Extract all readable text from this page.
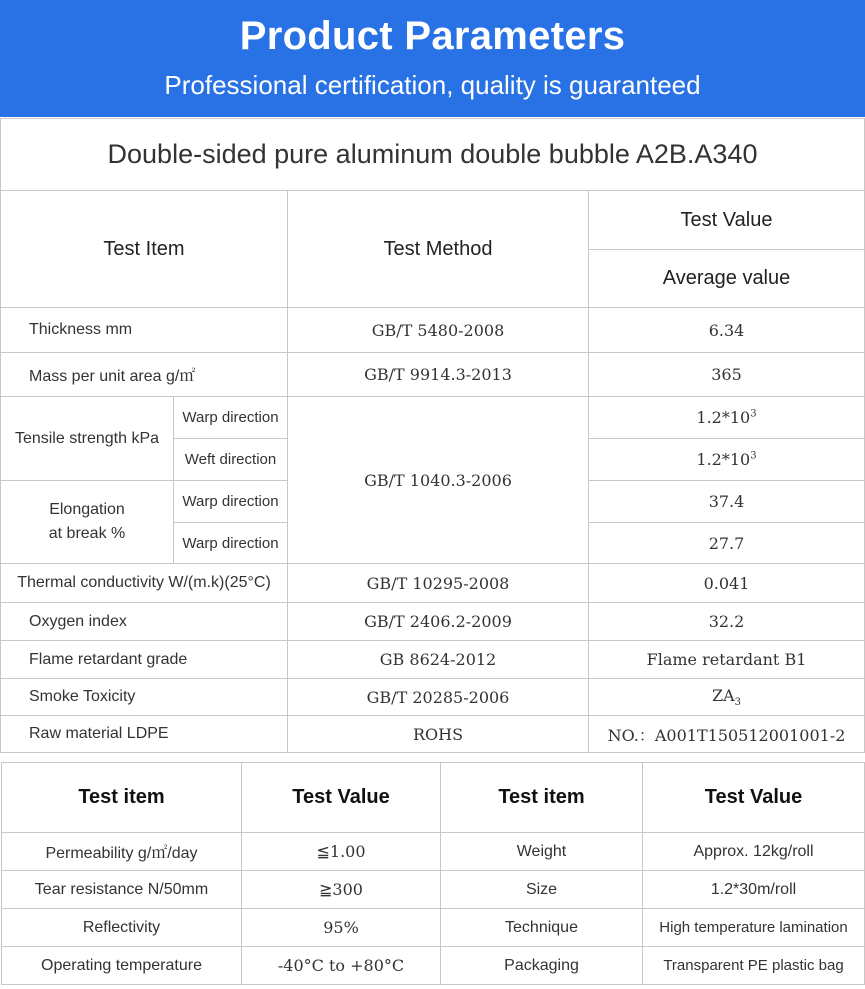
Product Parameters
Professional certification, quality is guaranteed
Double-sided pure aluminum double bubble A2B.A340			
Test Item		Test Method	Test Value
			Average value
Thickness mm		GB/T 5480-2008	6.34
Mass per unit area g/㎡		GB/T 9914.3-2013	365
Tensile strength kPa	Warp direction	GB/T 1040.3-2006	$1.2*10^3$
	Weft direction		$1.2*10^3$
Elongation
at break %	Warp direction		37.4
	Warp direction		27.7
Thermal conductivity W/(m.k)(25°C)		GB/T 10295-2008	0.041
Oxygen index		GB/T 2406.2-2009	32.2
Flame retardant grade		GB 8624-2012	Flame retardant B1
Smoke Toxicity		GB/T 20285-2006	$ZA_3$
Raw material LDPE		ROHS	NO.：A001T150512001001-2
Test item	Test Value	Test item	Test Value
Permeability g/㎡/day	≦1.00	Weight	Approx. 12kg/roll
Tear resistance N/50mm	≧300	Size	1.2*30m/roll
Reflectivity	95%	Technique	High temperature lamination
Operating temperature	-40°C to +80°C	Packaging	Transparent PE plastic bag
